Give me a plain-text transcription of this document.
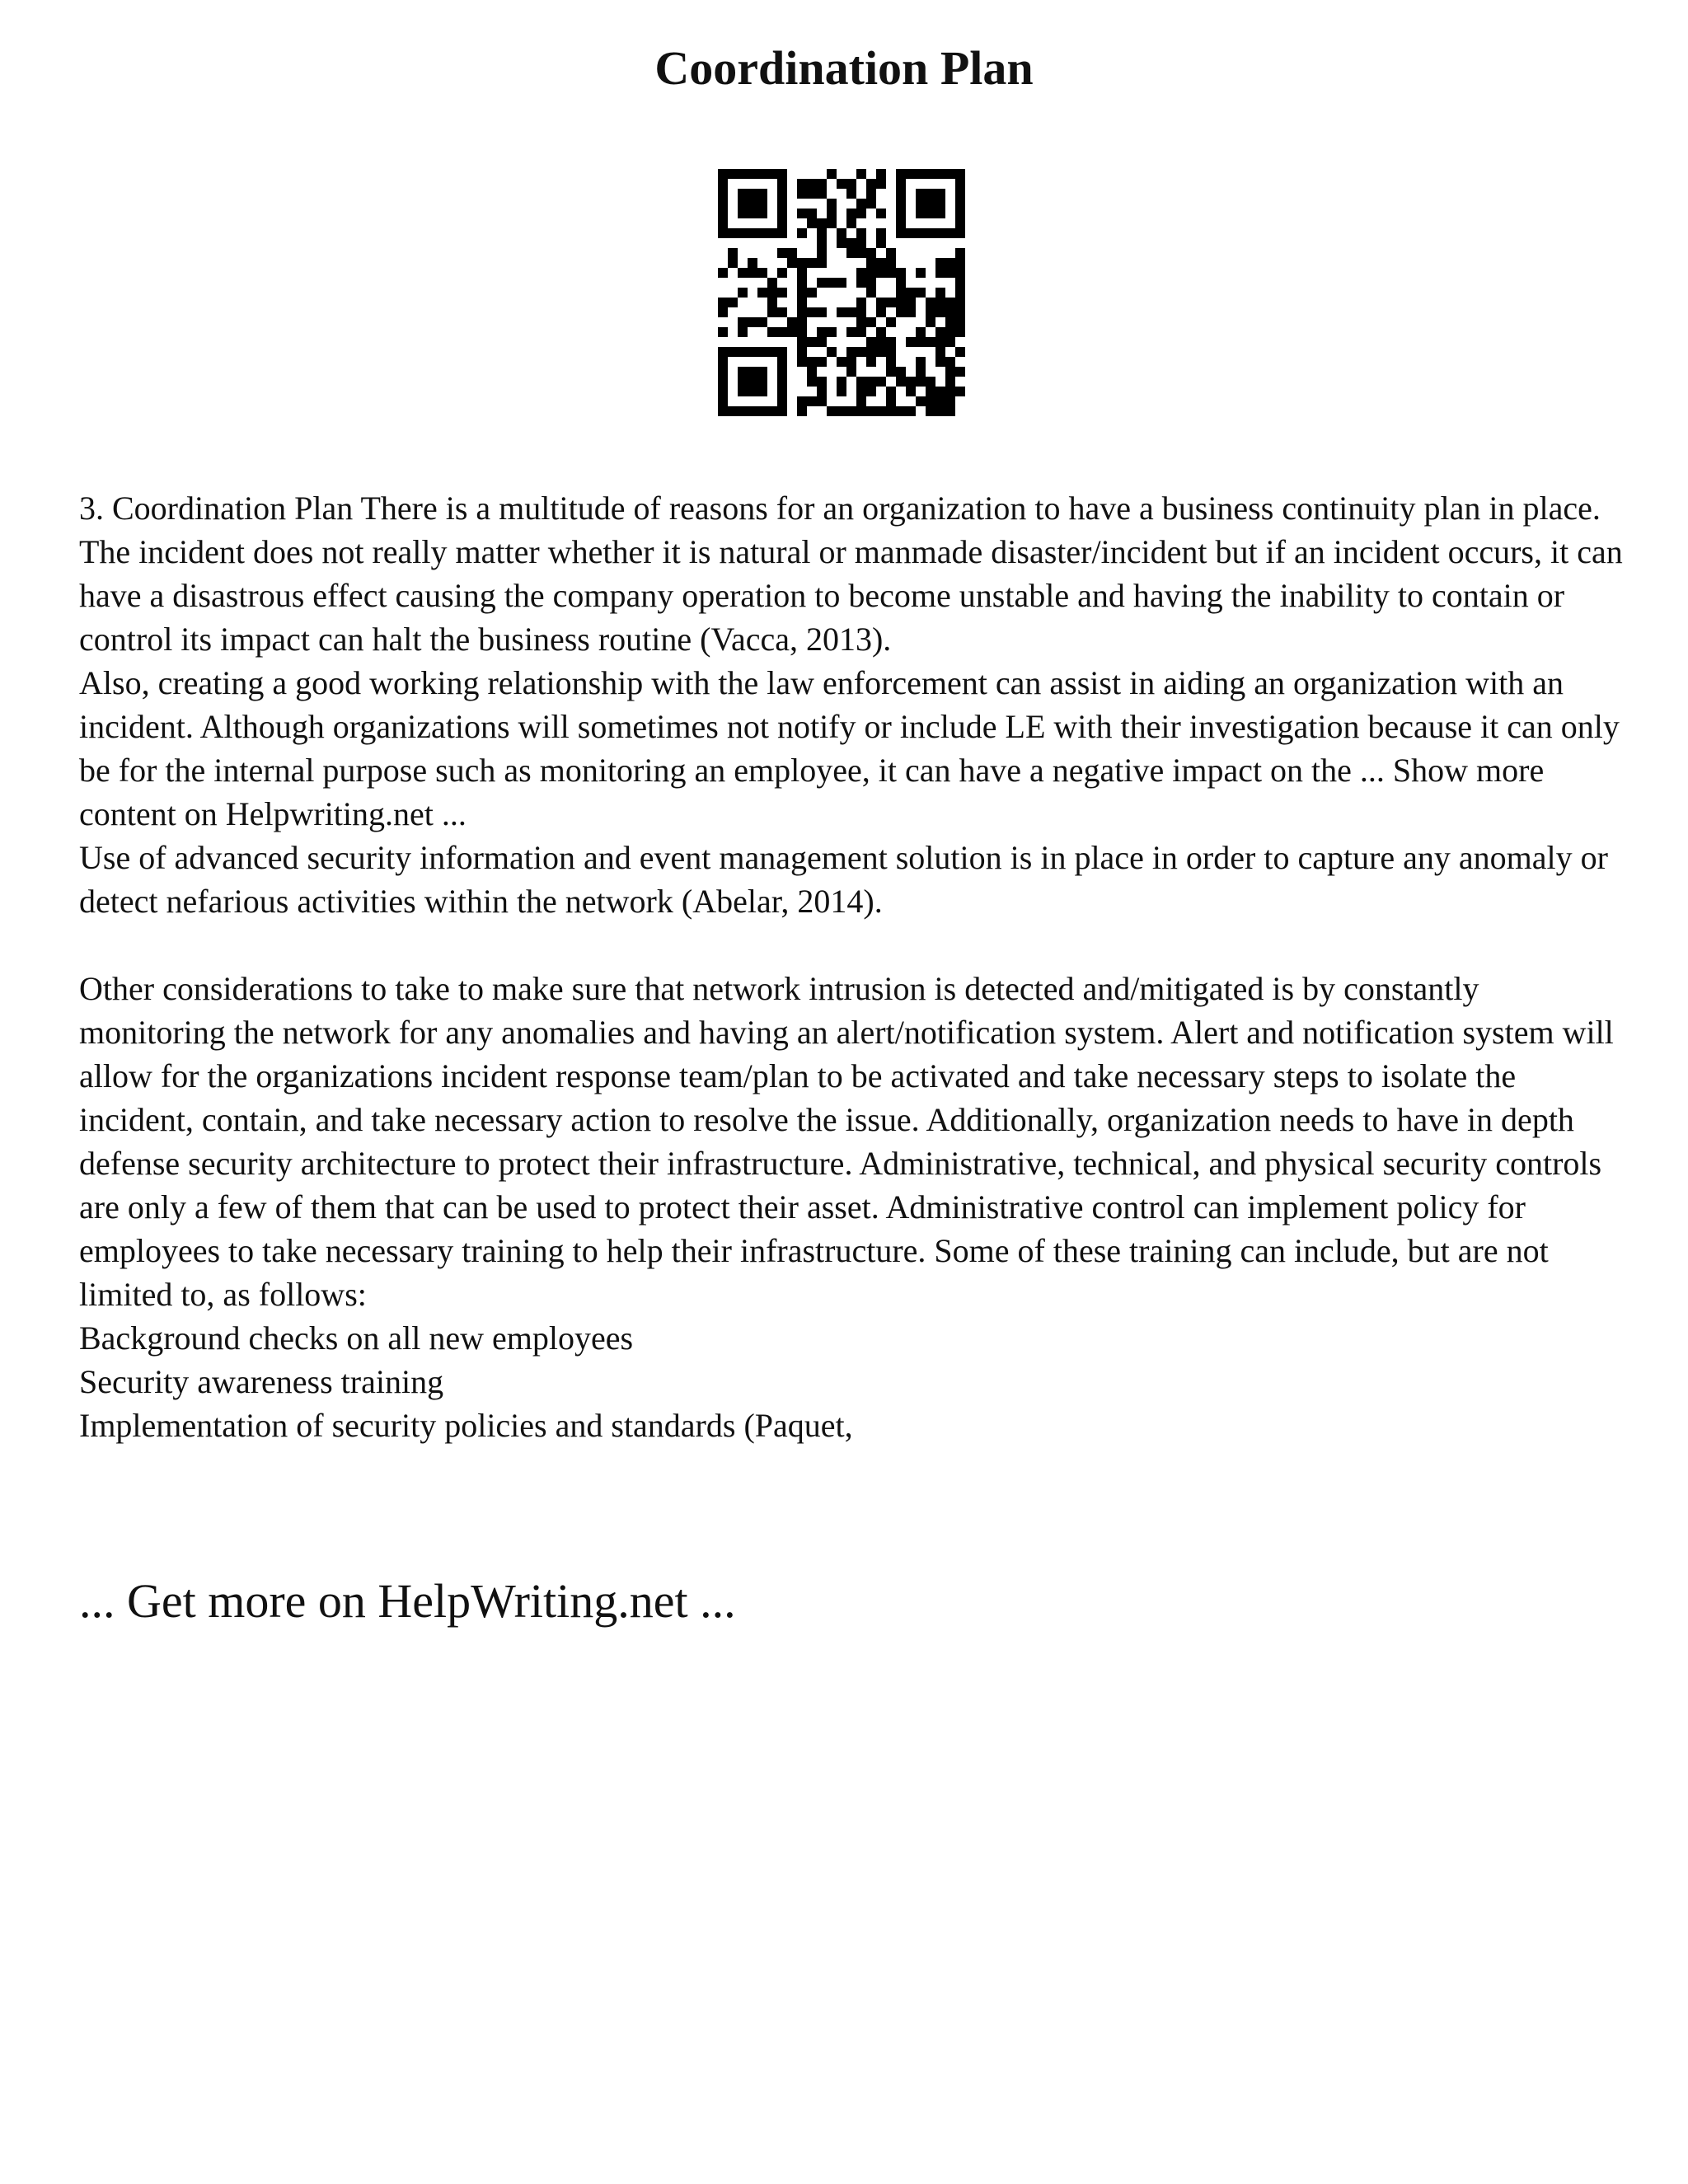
Coordination Plan

3. Coordination Plan There is a multitude of reasons for an organization to have a business continuity plan in place. The incident does not really matter whether it is natural or manmade disaster/incident but if an incident occurs, it can have a disastrous effect causing the company operation to become unstable and having the inability to contain or control its impact can halt the business routine (Vacca, 2013).

Also, creating a good working relationship with the law enforcement can assist in aiding an organization with an incident. Although organizations will sometimes not notify or include LE with their investigation because it can only be for the internal purpose such as monitoring an employee, it can have a negative impact on the ... Show more content on Helpwriting.net ...

Use of advanced security information and event management solution is in place in order to capture any anomaly or detect nefarious activities within the network (Abelar, 2014).

Other considerations to take to make sure that network intrusion is detected and/mitigated is by constantly monitoring the network for any anomalies and having an alert/notification system. Alert and notification system will allow for the organizations incident response team/plan to be activated and take necessary steps to isolate the incident, contain, and take necessary action to resolve the issue. Additionally, organization needs to have in depth defense security architecture to protect their infrastructure. Administrative, technical, and physical security controls are only a few of them that can be used to protect their asset. Administrative control can implement policy for employees to take necessary training to help their infrastructure. Some of these training can include, but are not limited to, as follows:

Background checks on all new employees

Security awareness training

Implementation of security policies and standards (Paquet,

... Get more on HelpWriting.net ...
